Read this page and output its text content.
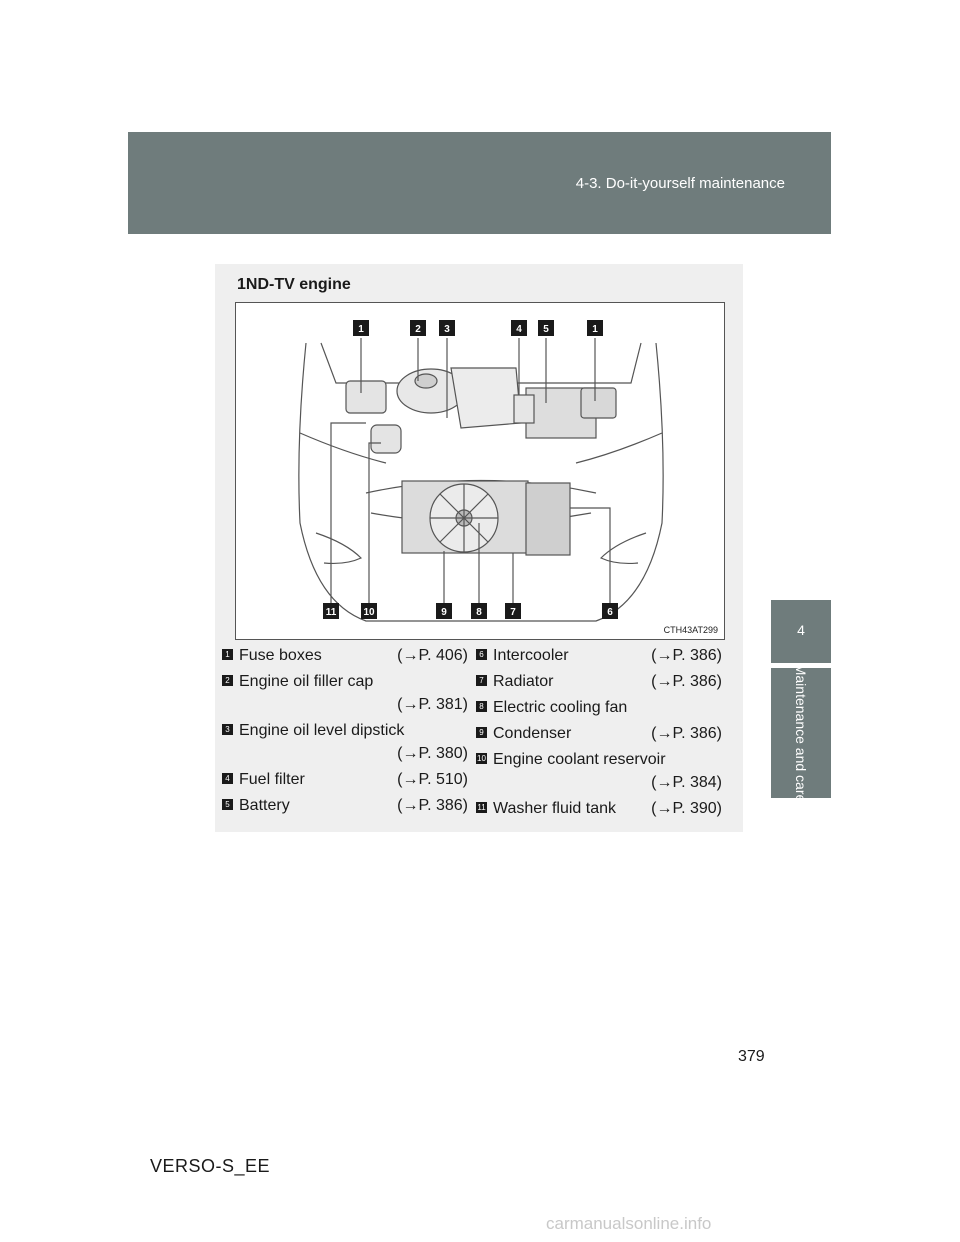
4-3. Do-it-yourself maintenance
4
Maintenance and care
1ND-TV engine
1	2 3	4 5	1
11	10	9	8	7	6
CTH43AT299
1 Fuse boxes	(→P. 406)
2 Engine oil filler cap
(→P. 381)
3 Engine oil level dipstick
(→P. 380)
4 Fuel filter	(→P. 510)
5 Battery	(→P. 386)
6 Intercooler	(→P. 386)
7 Radiator	(→P. 386)
8 Electric cooling fan
9 Condenser	(→P. 386)
10 Engine coolant reservoir
(→P. 384)
11 Washer fluid tank (→P. 390)
379
VERSO-S_EE
carmanualsonline.info
